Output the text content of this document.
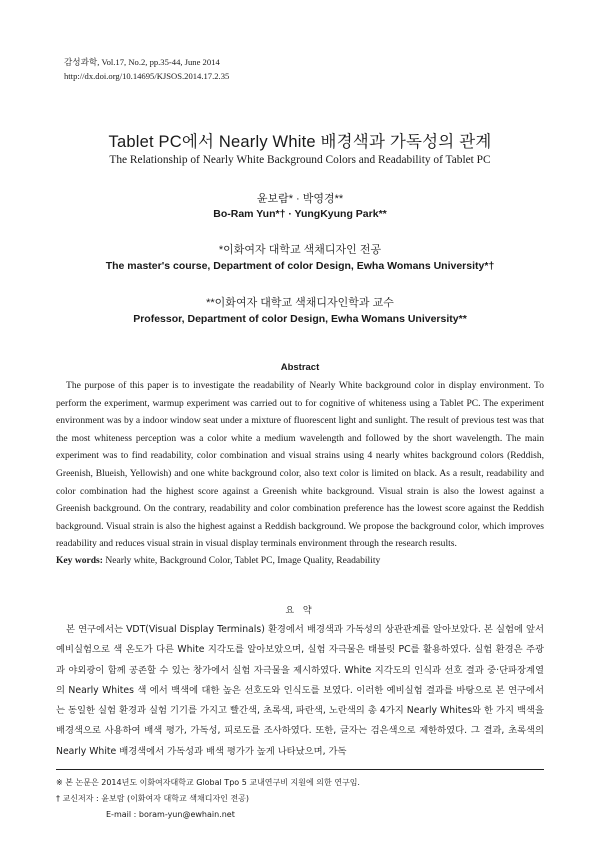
감성과학, Vol.17, No.2, pp.35-44, June 2014
http://dx.doi.org/10.14695/KJSOS.2014.17.2.35
Tablet PC에서 Nearly White 배경색과 가독성의 관계
The Relationship of Nearly White Background Colors and Readability of Tablet PC
윤보람* · 박영경**
Bo-Ram Yun*† · YungKyung Park**
*이화여자 대학교 색채디자인 전공
The master's course, Department of color Design, Ewha Womans University*†
**이화여자 대학교 색채디자인학과 교수
Professor, Department of color Design, Ewha Womans University**
Abstract

The purpose of this paper is to investigate the readability of Nearly White background color in display environment. To perform the experiment, warmup experiment was carried out to for cognitive of whiteness using a Tablet PC. The experiment environment was by a indoor window seat under a mixture of fluorescent light and sunlight. The result of previous test was that the most whiteness perception was a color white a medium wavelength and followed by the short wavelength. The main experiment was to find readability, color combination and visual strains using 4 nearly whites background colors (Reddish, Greenish, Blueish, Yellowish) and one white background color, also text color is limited on black. As a result, readability and color combination had the highest score against a Greenish white background. Visual strain is also the lowest against a Greenish background. On the contrary, readability and color combination preference has the lowest score against the Reddish background. Visual strain is also the highest against a Reddish background. We propose the background color, which improves readability and reduces visual strain in visual display terminals environment through the research results.

Key words: Nearly white, Background Color, Tablet PC, Image Quality, Readability
요 약

본 연구에서는 VDT(Visual Display Terminals) 환경에서 배경색과 가독성의 상관관계를 알아보았다. 본 실험에 앞서 예비실험으로 색 온도가 다른 White 지각도를 알아보았으며, 실험 자극물은 태블릿 PC를 활용하였다. 실험 환경은 주광과 야외광이 함께 공존할 수 있는 창가에서 실험 자극물을 제시하였다. White 지각도의 인식과 선호 결과 중·단파장계열의 Nearly Whites 색 에서 백색에 대한 높은 선호도와 인식도를 보였다. 이러한 예비실험 결과를 바탕으로 본 연구에서는 동일한 실험 환경과 실험 기기를 가지고 빨간색, 초록색, 파란색, 노란색의 총 4가지 Nearly Whites와 한 가지 백색을 배경색으로 사용하여 배색 평가, 가독성, 피로도를 조사하였다. 또한, 글자는 검은색으로 제한하였다. 그 결과, 초록색의 Nearly White 배경색에서 가독성과 배색 평가가 높게 나타났으며, 가독

※ 본 논문은 2014년도 이화여자대학교 Global Tpo 5 교내연구비 지원에 의한 연구임.
† 교신저자 : 윤보람 (이화여자 대학교 색채디자인 전공)
E-mail : boram-yun@ewhain.net
